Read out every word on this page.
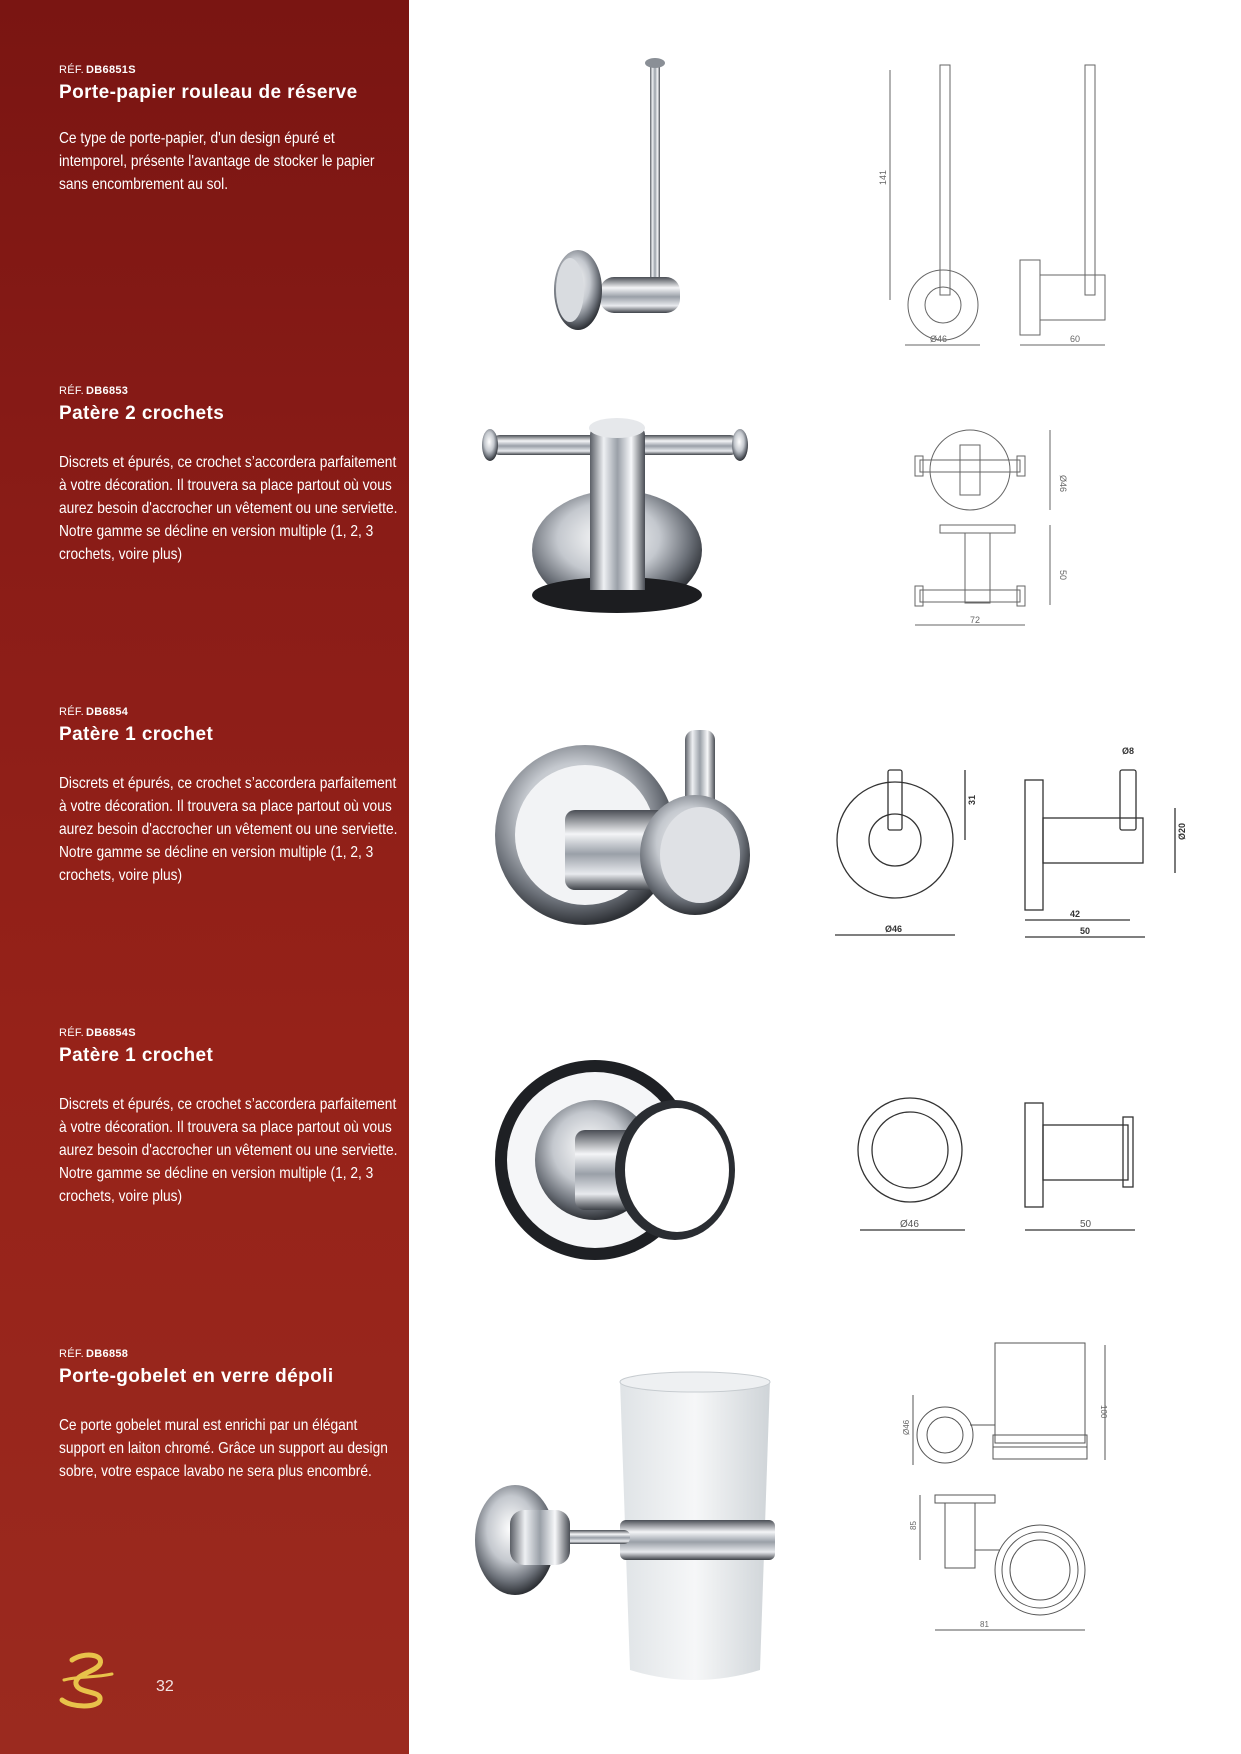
RÉF. DB6851S
Porte-papier rouleau de réserve
Ce type de porte-papier, d'un design épuré et intemporel, présente l'avantage de stocker le papier sans encombrement au sol.
RÉF. DB6853
Patère 2 crochets
Discrets et épurés, ce crochet s’accordera parfaitement à votre décoration. Il trouvera sa place partout où vous aurez besoin d'accrocher un vêtement ou une serviette. Notre gamme se décline en version multiple (1, 2, 3 crochets, voire plus)
RÉF. DB6854
Patère 1 crochet
Discrets et épurés, ce crochet s’accordera parfaitement à votre décoration. Il trouvera sa place partout où vous aurez besoin d'accrocher un vêtement ou une serviette. Notre gamme se décline en version multiple (1, 2, 3 crochets, voire plus)
RÉF. DB6854S
Patère 1 crochet
Discrets et épurés, ce crochet s’accordera parfaitement à votre décoration. Il trouvera sa place partout où vous aurez besoin d'accrocher un vêtement ou une serviette. Notre gamme se décline en version multiple (1, 2, 3 crochets, voire plus)
RÉF. DB6858
Porte-gobelet en verre dépoli
Ce porte gobelet mural est enrichi par un élégant support en laiton chromé. Grâce un support au design sobre, votre espace lavabo ne sera plus encombré.
32
141
Ø46	60
Ø46
50
72
31
Ø46
Ø8
Ø20
42
50
Ø46	50
Ø46
100
85
81
